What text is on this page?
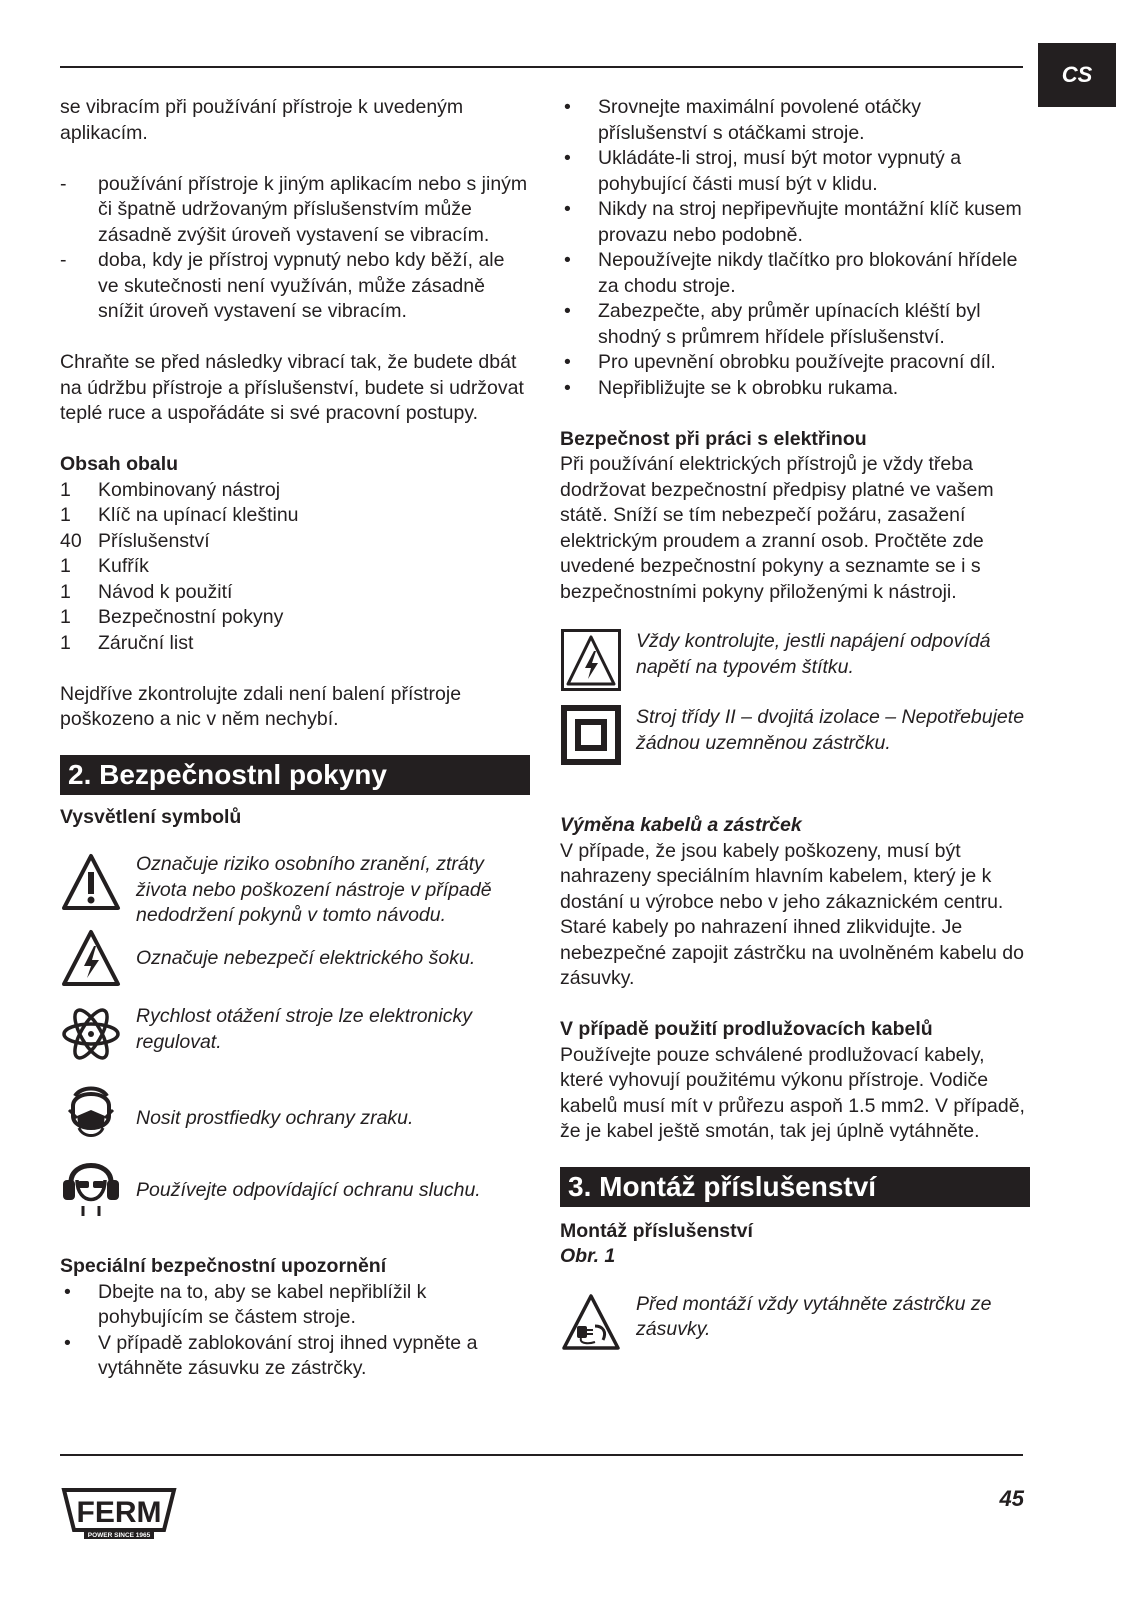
CS

se vibracím při používání přístroje k uvedeným aplikacím.

- používání přístroje k jiným aplikacím nebo s jiným či špatně udržovaným příslušenstvím může zásadně zvýšit úroveň vystavení se vibracím.
- doba, kdy je přístroj vypnutý nebo kdy běží, ale ve skutečnosti není využíván, může zásadně snížit úroveň vystavení se vibracím.

Chraňte se před následky vibrací tak, že budete dbát na údržbu přístroje a příslušenství, budete si udržovat teplé ruce a uspořádáte si své pracovní postupy.

Obsah obalu

1	Kombinovaný nástroj
1	Klíč na upínací kleštinu
40 Příslušenství
1	Kufřík
1	Návod k použití
1	Bezpečnostní pokyny
1	Záruční list

Nejdříve zkontrolujte zdali není balení přístroje poškozeno a nic v něm nechybí.

2. Bezpečnostnl pokyny

Vysvětlení symbolů

Označuje riziko osobního zranění, ztráty života nebo poškození nástroje v případě nedodržení pokynů v tomto návodu.
Označuje nebezpečí elektrického šoku.
Rychlost otážení stroje lze elektronicky regulovat.
Nosit prostfiedky ochrany zraku.
Používejte odpovídající ochranu sluchu.

Speciální bezpečnostní upozornění

• Dbejte na to, aby se kabel nepřiblížil k pohybujícím se částem stroje.
• V případě zablokování stroj ihned vypněte a vytáhněte zásuvku ze zástrčky.
• Srovnejte maximální povolené otáčky příslušenství s otáčkami stroje.
• Ukládáte-li stroj, musí být motor vypnutý a pohybující části musí být v klidu.
• Nikdy na stroj nepřipevňujte montážní klíč kusem provazu nebo podobně.
• Nepoužívejte nikdy tlačítko pro blokování hřídele za chodu stroje.
• Zabezpečte, aby průměr upínacích kléští byl shodný s průmrem hřídele příslušenství.
• Pro upevnění obrobku používejte pracovní díl.
• Nepřibližujte se k obrobku rukama.

Bezpečnost při práci s elektřinou

Při používání elektrických přístrojů je vždy třeba dodržovat bezpečnostní předpisy platné ve vašem státě. Sníží se tím nebezpečí požáru, zasažení elektrickým proudem a zranní osob. Pročtěte zde uvedené bezpečnostní pokyny a seznamte se i s bezpečnostními pokyny přiloženými k nástroji.

Vždy kontrolujte, jestli napájení odpovídá napětí na typovém štítku.
Stroj třídy II – dvojitá izolace – Nepotřebujete žádnou uzemněnou zástrčku.

Výměna kabelů a zástrček

V případe, že jsou kabely poškozeny, musí být nahrazeny speciálním hlavním kabelem, který je k dostání u výrobce nebo v jeho zákaznickém centru. Staré kabely po nahrazení ihned zlikvidujte. Je nebezpečné zapojit zástrčku na uvolněném kabelu do zásuvky.

V případě použití prodlužovacích kabelů

Používejte pouze schválené prodlužovací kabely, které vyhovují použitému výkonu přístroje. Vodiče kabelů musí mít v průřezu aspoň 1.5 mm2. V případě, že je kabel ještě smotán, tak jej úplně vytáhněte.

3. Montáž příslušenství

Montáž příslušenství

Obr. 1

Před montáží vždy vytáhněte zástrčku ze zásuvky.
FERM
POWER SINCE 1965
45
